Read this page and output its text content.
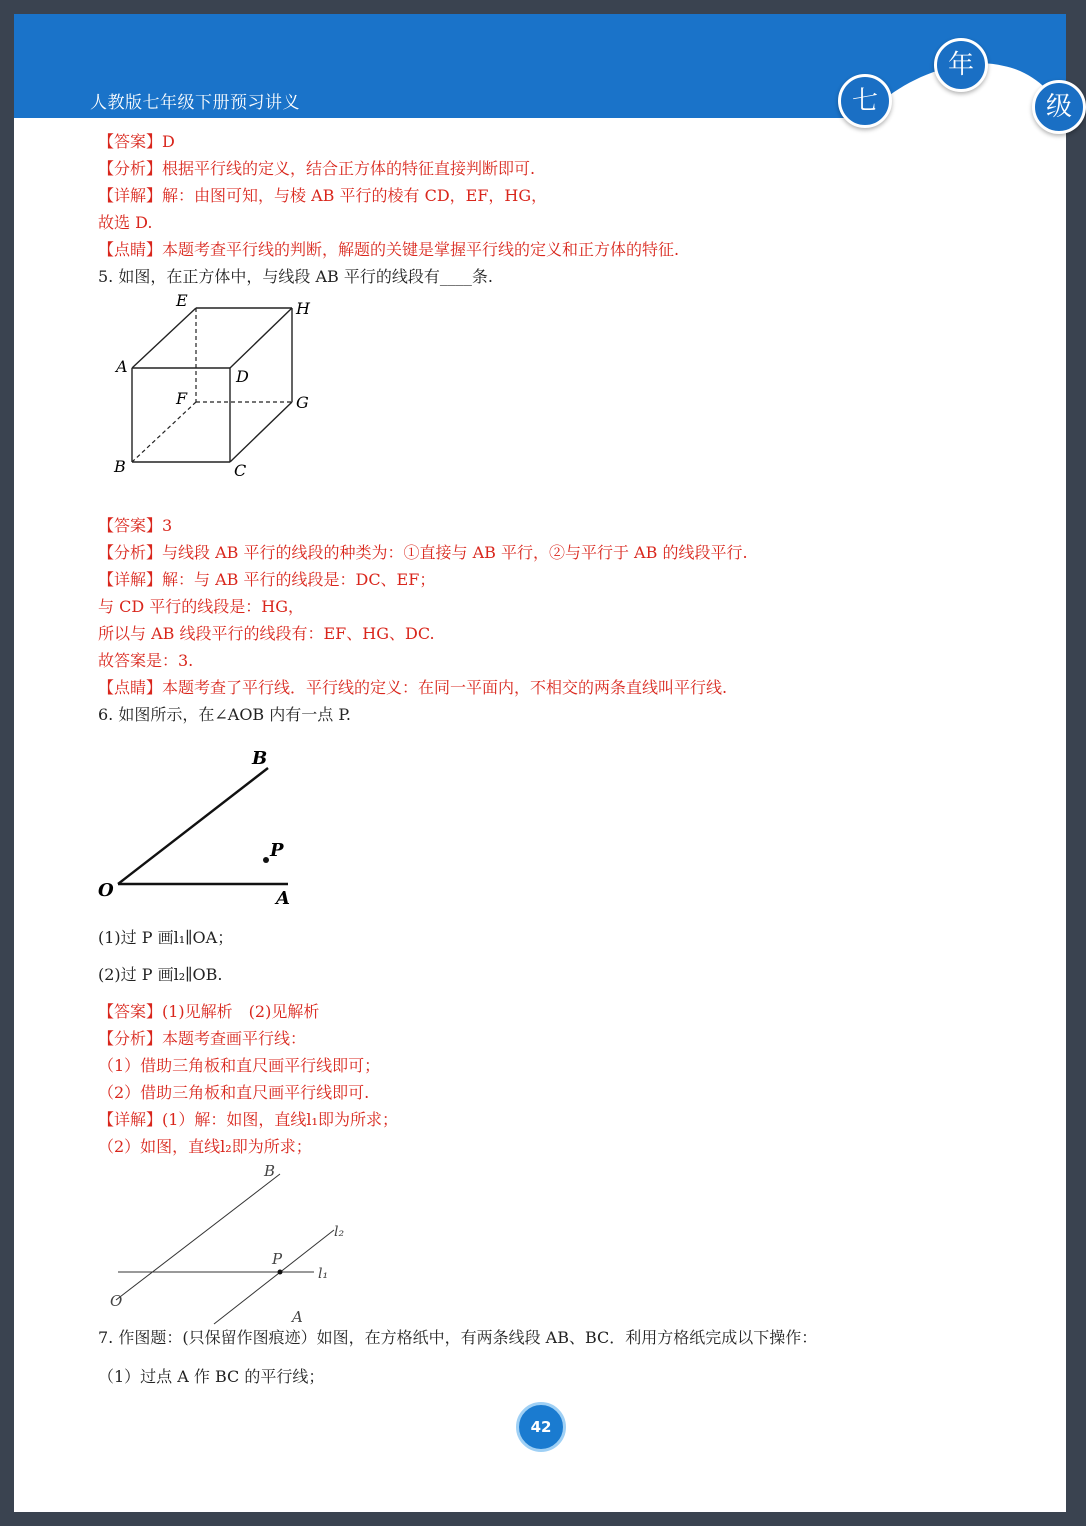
人教版七年级下册预习讲义	七
年
级
【答案】D
【分析】根据平行线的定义，结合正方体的特征直接判断即可.
【详解】解：由图可知，与棱 AB 平行的棱有 CD，EF，HG，
故选 D.
【点睛】本题考查平行线的判断，解题的关键是掌握平行线的定义和正方体的特征.
5. 如图，在正方体中，与线段 AB 平行的线段有____条.
E	H
A
D
F	G
B	C
【答案】3
【分析】与线段 AB 平行的线段的种类为：①直接与 AB 平行，②与平行于 AB 的线段平行.
【详解】解：与 AB 平行的线段是：DC、EF；
与 CD 平行的线段是：HG，
所以与 AB 线段平行的线段有：EF、HG、DC.
故答案是：3.
【点睛】本题考查了平行线．平行线的定义：在同一平面内，不相交的两条直线叫平行线.
6. 如图所示，在∠AOB 内有一点 P.
B
P
O	A
(1)过 P 画l₁∥OA；
(2)过 P 画l₂∥OB.
【答案】(1)见解析　(2)见解析
【分析】本题考查画平行线：
（1）借助三角板和直尺画平行线即可；
（2）借助三角板和直尺画平行线即可.
【详解】(1）解：如图，直线l₁即为所求；
（2）如图，直线l₂即为所求；
B
l₂
P
l₁
O
A
7. 作图题：(只保留作图痕迹）如图，在方格纸中，有两条线段 AB、BC．利用方格纸完成以下操作：
（1）过点 A 作 BC 的平行线；
42
